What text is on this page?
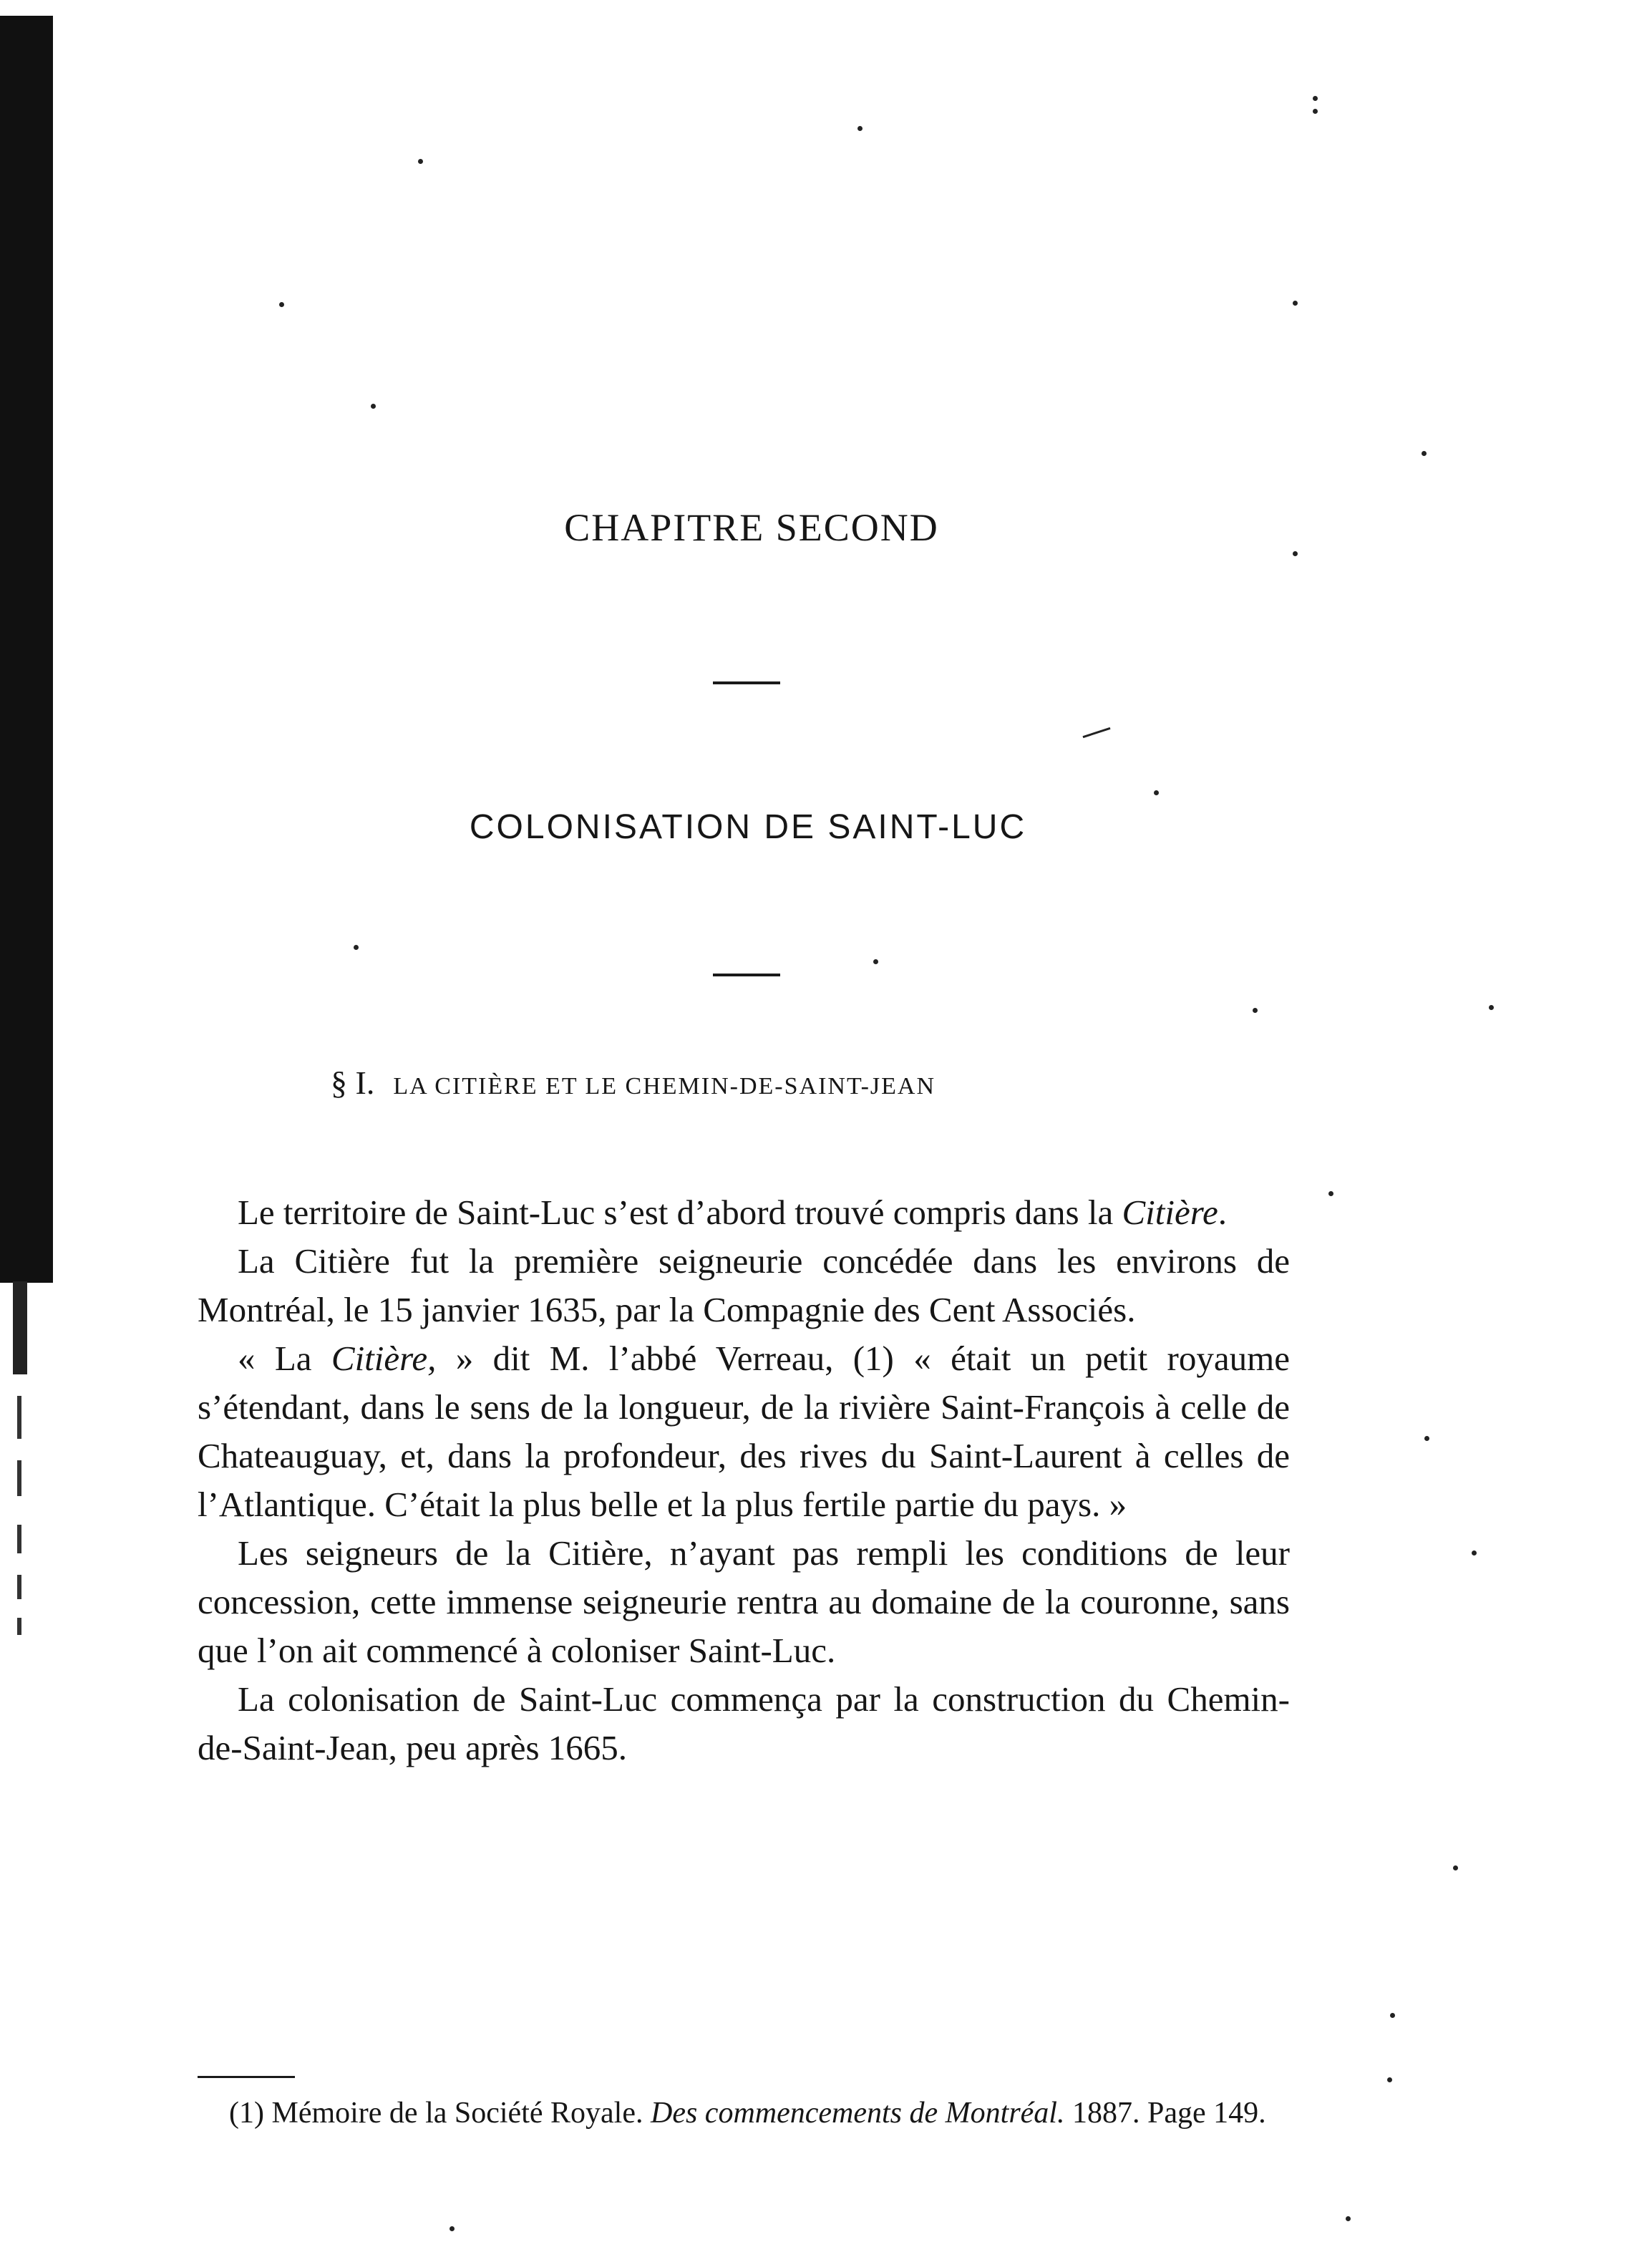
CHAPITRE SECOND
COLONISATION DE SAINT-LUC
§ I. LA CITIÈRE ET LE CHEMIN-DE-SAINT-JEAN

Le territoire de Saint-Luc s’est d’abord trouvé compris dans la Citière.

La Citière fut la première seigneurie concédée dans les environs de Montréal, le 15 janvier 1635, par la Compagnie des Cent Associés.

« La Citière, » dit M. l’abbé Verreau, (1) « était un petit royaume s’étendant, dans le sens de la longueur, de la rivière Saint-François à celle de Chateauguay, et, dans la profondeur, des rives du Saint-Laurent à celles de l’Atlantique. C’était la plus belle et la plus fertile partie du pays. »

Les seigneurs de la Citière, n’ayant pas rempli les conditions de leur concession, cette immense seigneurie rentra au domaine de la couronne, sans que l’on ait commencé à coloniser Saint-Luc.

La colonisation de Saint-Luc commença par la construction du Chemin-de-Saint-Jean, peu après 1665.

(1) Mémoire de la Société Royale. Des commencements de Montréal. 1887. Page 149.
